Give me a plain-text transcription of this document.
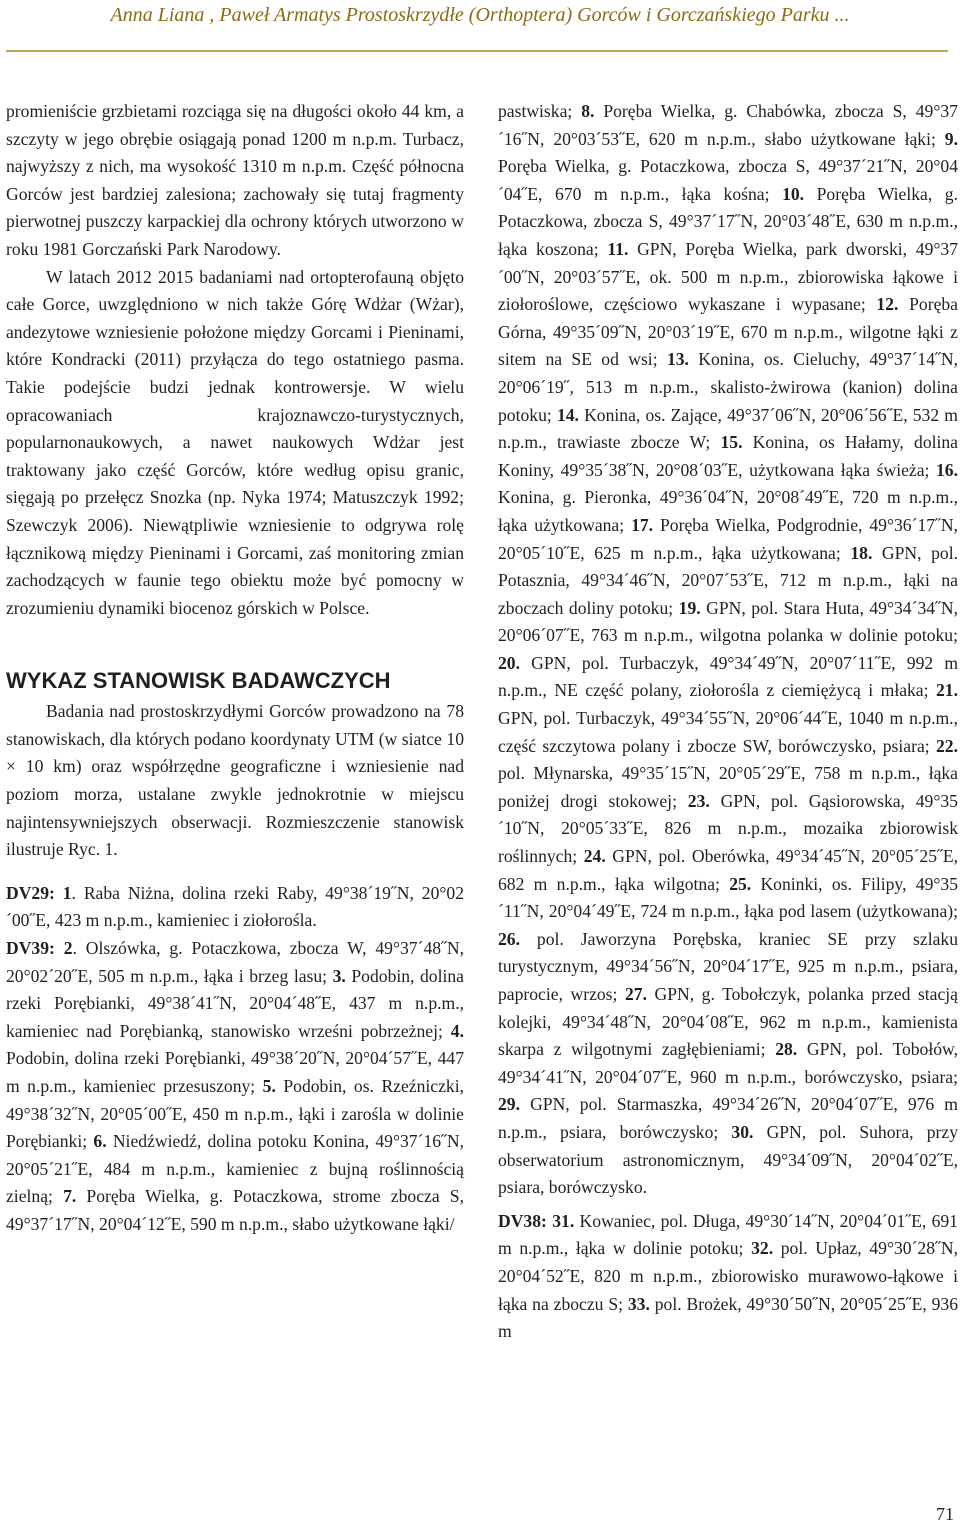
Anna Liana , Paweł Armatys Prostoskrzydłe (Orthoptera) Gorców i Gorczańskiego Parku ...

promieniście grzbietami rozciąga się na długości około 44 km, a szczyty w jego obrębie osiągają ponad 1200 m n.p.m. Turbacz, najwyższy z nich, ma wysokość 1310 m n.p.m. Część północna Gorców jest bardziej zalesiona; zachowały się tutaj fragmenty pierwotnej puszczy karpackiej dla ochrony których utworzono w roku 1981 Gorczański Park Narodowy.

W latach 2012 2015 badaniami nad ortopterofauną objęto całe Gorce, uwzględniono w nich także Górę Wdżar (Wżar), andezytowe wzniesienie położone między Gorcami i Pieninami, które Kondracki (2011) przyłącza do tego ostatniego pasma. Takie podejście budzi jednak kontrowersje. W wielu opracowaniach krajoznawczo-turystycznych, popularnonaukowych, a nawet naukowych Wdżar jest traktowany jako część Gorców, które według opisu granic, sięgają po przełęcz Snozka (np. Nyka 1974; Matuszczyk 1992; Szewczyk 2006). Niewątpliwie wzniesienie to odgrywa rolę łącznikową między Pieninami i Gorcami, zaś monitoring zmian zachodzących w faunie tego obiektu może być pomocny w zrozumieniu dynamiki biocenoz górskich w Polsce.

WYKAZ STANOWISK BADAWCZYCH

Badania nad prostoskrzydłymi Gorców prowadzono na 78 stanowiskach, dla których podano koordynaty UTM (w siatce 10 × 10 km) oraz współrzędne geograficzne i wzniesienie nad poziom morza, ustalane zwykle jednokrotnie w miejscu najintensywniejszych obserwacji. Rozmieszczenie stanowisk ilustruje Ryc. 1.

DV29: 1. Raba Niżna, dolina rzeki Raby, 49°38´19˝N, 20°02´00˝E, 423 m n.p.m., kamieniec i ziołorośla.

DV39: 2. Olszówka, g. Potaczkowa, zbocza W, 49°37´48˝N, 20°02´20˝E, 505 m n.p.m., łąka i brzeg lasu; 3. Podobin, dolina rzeki Porębianki, 49°38´41˝N, 20°04´48˝E, 437 m n.p.m., kamieniec nad Porębianką, stanowisko wrześni pobrzeżnej; 4. Podobin, dolina rzeki Porębianki, 49°38´20˝N, 20°04´57˝E, 447 m n.p.m., kamieniec przesuszony; 5. Podobin, os. Rzeźniczki, 49°38´32˝N, 20°05´00˝E, 450 m n.p.m., łąki i zarośla w dolinie Porębianki; 6. Niedźwiedź, dolina potoku Konina, 49°37´16˝N, 20°05´21˝E, 484 m n.p.m., kamieniec z bujną roślinnością zielną; 7. Poręba Wielka, g. Potaczkowa, strome zbocza S, 49°37´17˝N, 20°04´12˝E, 590 m n.p.m., słabo użytkowane łąki/

pastwiska; 8. Poręba Wielka, g. Chabówka, zbocza S, 49°37´16˝N, 20°03´53˝E, 620 m n.p.m., słabo użytkowane łąki; 9. Poręba Wielka, g. Potaczkowa, zbocza S, 49°37´21˝N, 20°04´04˝E, 670 m n.p.m., łąka kośna; 10. Poręba Wielka, g. Potaczkowa, zbocza S, 49°37´17˝N, 20°03´48˝E, 630 m n.p.m., łąka koszona; 11. GPN, Poręba Wielka, park dworski, 49°37´00˝N, 20°03´57˝E, ok. 500 m n.p.m., zbiorowiska łąkowe i ziołoroślowe, częściowo wykaszane i wypasane; 12. Poręba Górna, 49°35´09˝N, 20°03´19˝E, 670 m n.p.m., wilgotne łąki z sitem na SE od wsi; 13. Konina, os. Cieluchy, 49°37´14˝N, 20°06´19˝, 513 m n.p.m., skalisto-żwirowa (kanion) dolina potoku; 14. Konina, os. Zające, 49°37´06˝N, 20°06´56˝E, 532 m n.p.m., trawiaste zbocze W; 15. Konina, os Hałamy, dolina Koniny, 49°35´38˝N, 20°08´03˝E, użytkowana łąka świeża; 16. Konina, g. Pieronka, 49°36´04˝N, 20°08´49˝E, 720 m n.p.m., łąka użytkowana; 17. Poręba Wielka, Podgrodnie, 49°36´17˝N, 20°05´10˝E, 625 m n.p.m., łąka użytkowana; 18. GPN, pol. Potasznia, 49°34´46˝N, 20°07´53˝E, 712 m n.p.m., łąki na zboczach doliny potoku; 19. GPN, pol. Stara Huta, 49°34´34˝N, 20°06´07˝E, 763 m n.p.m., wilgotna polanka w dolinie potoku; 20. GPN, pol. Turbaczyk, 49°34´49˝N, 20°07´11˝E, 992 m n.p.m., NE część polany, ziołorośla z ciemiężycą i młaka; 21. GPN, pol. Turbaczyk, 49°34´55˝N, 20°06´44˝E, 1040 m n.p.m., część szczytowa polany i zbocze SW, borówczysko, psiara; 22. pol. Młynarska, 49°35´15˝N, 20°05´29˝E, 758 m n.p.m., łąka poniżej drogi stokowej; 23. GPN, pol. Gąsiorowska, 49°35´10˝N, 20°05´33˝E, 826 m n.p.m., mozaika zbiorowisk roślinnych; 24. GPN, pol. Oberówka, 49°34´45˝N, 20°05´25˝E, 682 m n.p.m., łąka wilgotna; 25. Koninki, os. Filipy, 49°35´11˝N, 20°04´49˝E, 724 m n.p.m., łąka pod lasem (użytkowana); 26. pol. Jaworzyna Porębska, kraniec SE przy szlaku turystycznym, 49°34´56˝N, 20°04´17˝E, 925 m n.p.m., psiara, paprocie, wrzos; 27. GPN, g. Tobołczyk, polanka przed stacją kolejki, 49°34´48˝N, 20°04´08˝E, 962 m n.p.m., kamienista skarpa z wilgotnymi zagłębieniami; 28. GPN, pol. Tobołów, 49°34´41˝N, 20°04´07˝E, 960 m n.p.m., borówczysko, psiara; 29. GPN, pol. Starmaszka, 49°34´26˝N, 20°04´07˝E, 976 m n.p.m., psiara, borówczysko; 30. GPN, pol. Suhora, przy obserwatorium astronomicznym, 49°34´09˝N, 20°04´02˝E, psiara, borówczysko.

DV38: 31. Kowaniec, pol. Długa, 49°30´14˝N, 20°04´01˝E, 691 m n.p.m., łąka w dolinie potoku; 32. pol. Upłaz, 49°30´28˝N, 20°04´52˝E, 820 m n.p.m., zbiorowisko murawowo-łąkowe i łąka na zboczu S; 33. pol. Brożek, 49°30´50˝N, 20°05´25˝E, 936 m

71
